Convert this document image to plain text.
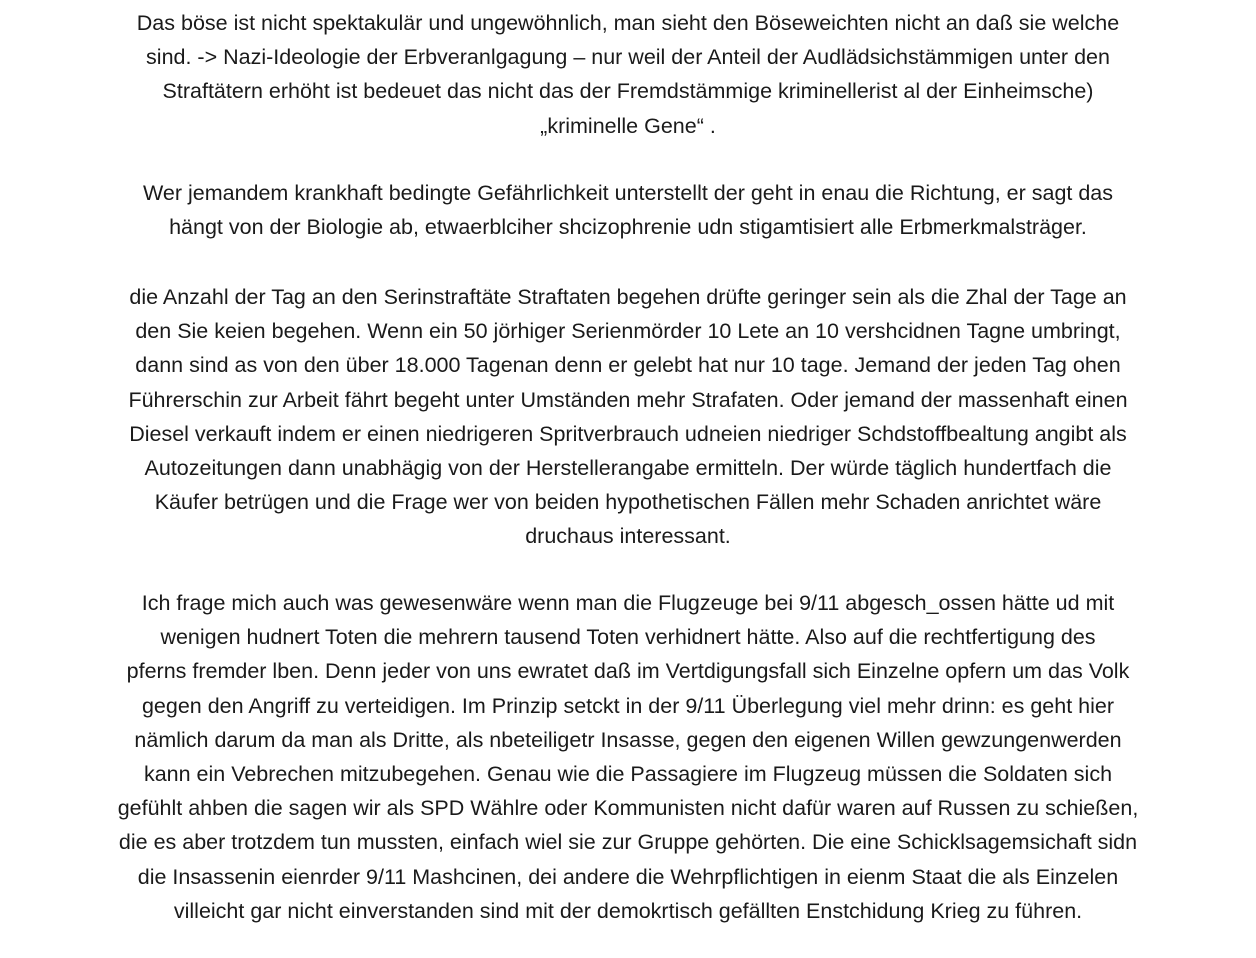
Das böse ist nicht spektakulär und ungewöhnlich, man sieht den Böseweichten nicht an daß sie welche
sind. -> Nazi-Ideologie der Erbveranlgagung – nur weil der Anteil der Audlädsichstämmigen unter den
Straftätern erhöht ist bedeuet das nicht das der Fremdstämmige kriminellerist al der Einheimsche)
„kriminelle Gene“ .
Wer jemandem krankhaft bedingte Gefährlichkeit unterstellt der geht in enau die Richtung, er sagt das
hängt von der Biologie ab, etwaerblciher shcizophrenie udn stigamtisiert alle Erbmerkmalsträger.
die Anzahl der Tag an den Serinstraftäte Straftaten begehen drüfte geringer sein als die Zhal der Tage an
den Sie keien begehen. Wenn ein 50 jörhiger Serienmörder 10 Lete an 10 vershcidnen Tagne umbringt,
dann sind as von den über 18.000 Tagenan denn er gelebt hat nur 10 tage. Jemand der jeden Tag ohen
Führerschin zur Arbeit fährt begeht unter Umständen mehr Strafaten. Oder jemand der massenhaft einen
Diesel verkauft indem er einen niedrigeren Spritverbrauch udneien niedriger Schdstoffbealtung angibt als
Autozeitungen dann unabhägig von der Herstellerangabe ermitteln. Der würde täglich hundertfach die
Käufer betrügen und die Frage wer von beiden hypothetischen Fällen mehr Schaden anrichtet wäre
druchaus interessant.
Ich frage mich auch was gewesenwäre wenn man die Flugzeuge bei 9/11 abgesch_ossen hätte ud mit
wenigen hudnert Toten die mehrern tausend Toten verhidnert hätte. Also auf die rechtfertigung des
pferns fremder lben. Denn jeder von uns ewratet daß im Vertdigungsfall sich Einzelne opfern um das Volk
gegen den Angriff zu verteidigen. Im Prinzip setckt in der 9/11 Überlegung viel mehr drinn: es geht hier
nämlich darum da man als Dritte, als nbeteiligetr Insasse, gegen den eigenen Willen gewzungenwerden
kann ein Vebrechen mitzubegehen. Genau wie die Passagiere im Flugzeug müssen die Soldaten sich
gefühlt ahben die sagen wir als SPD Wählre oder Kommunisten nicht dafür waren auf Russen zu schießen,
die es aber trotzdem tun mussten, einfach wiel sie zur Gruppe gehörten. Die eine Schicklsagemsichaft sidn
die Insassenin eienrder 9/11 Mashcinen, dei andere die Wehrpflichtigen in eienm Staat die als Einzelen
villeicht gar nicht einverstanden sind mit der demokrtisch gefällten Enstchidung Krieg zu führen.
